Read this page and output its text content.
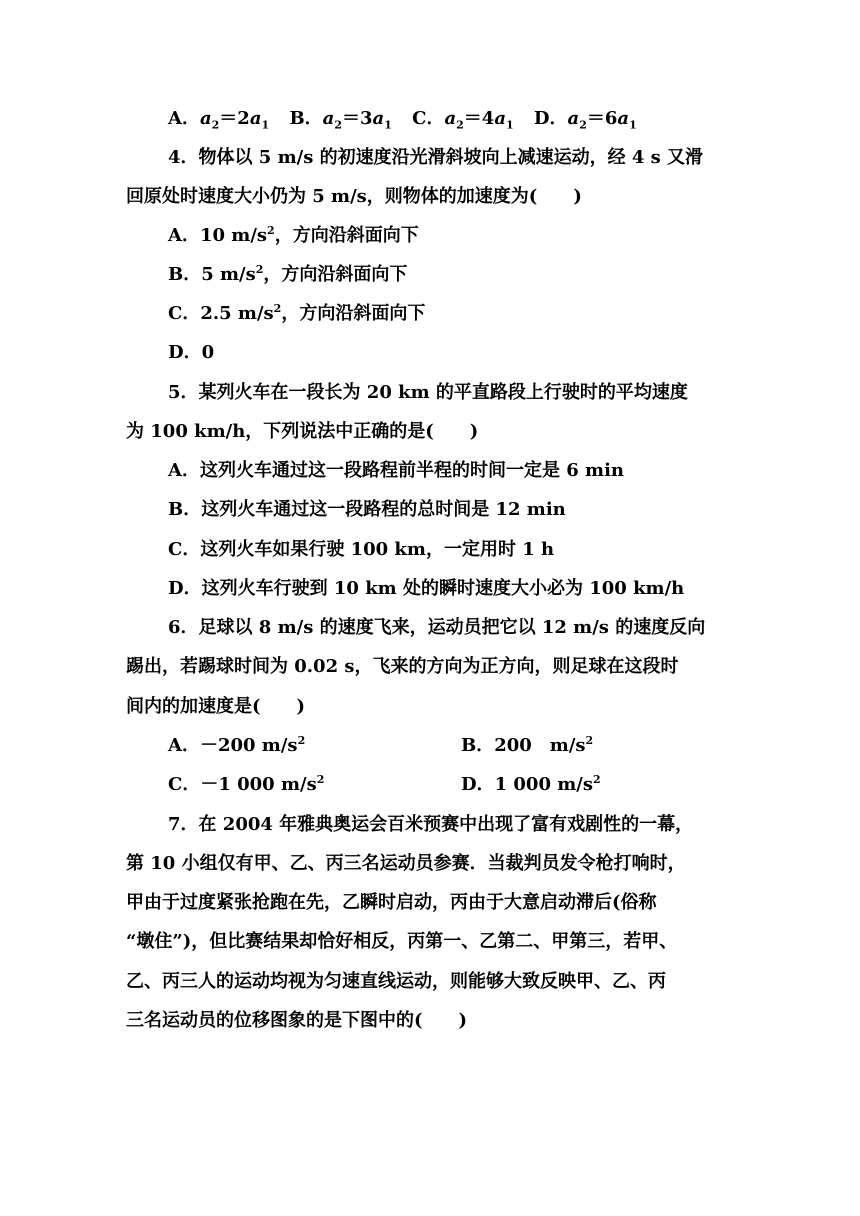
A．$a_2=2a_1$ B．$a_2=3a_1$ C．$a_2=4a_1$ D．$a_2=6a_1$
4．物体以 5 m/s 的初速度沿光滑斜坡向上减速运动，经 4 s 又滑
回原处时速度大小仍为 5 m/s，则物体的加速度为(　　)
A．10 $m/s^2$，方向沿斜面向下
B．5 $m/s^2$，方向沿斜面向下
C．2.5 $m/s^2$，方向沿斜面向下
D．0
5．某列火车在一段长为 20 km 的平直路段上行驶时的平均速度
为 100 km/h，下列说法中正确的是(　　)
A．这列火车通过这一段路程前半程的时间一定是 6 min
B．这列火车通过这一段路程的总时间是 12 min
C．这列火车如果行驶 100 km，一定用时 1 h
D．这列火车行驶到 10 km 处的瞬时速度大小必为 100 km/h
6．足球以 8 m/s 的速度飞来，运动员把它以 12 m/s 的速度反向
踢出，若踢球时间为 0.02 s，飞来的方向为正方向，则足球在这段时
间内的加速度是(　　)
A．－200 $m/s^2$	B．200　$m/s^2$
C．－1 000 $m/s^2$	D．1 000 $m/s^2$
7．在 2004 年雅典奥运会百米预赛中出现了富有戏剧性的一幕，
第 10 小组仅有甲、乙、丙三名运动员参赛．当裁判员发令枪打响时，
甲由于过度紧张抢跑在先，乙瞬时启动，丙由于大意启动滞后(俗称
“墩住”)，但比赛结果却恰好相反，丙第一、乙第二、甲第三，若甲、
乙、丙三人的运动均视为匀速直线运动，则能够大致反映甲、乙、丙
三名运动员的位移图象的是下图中的(　　)
